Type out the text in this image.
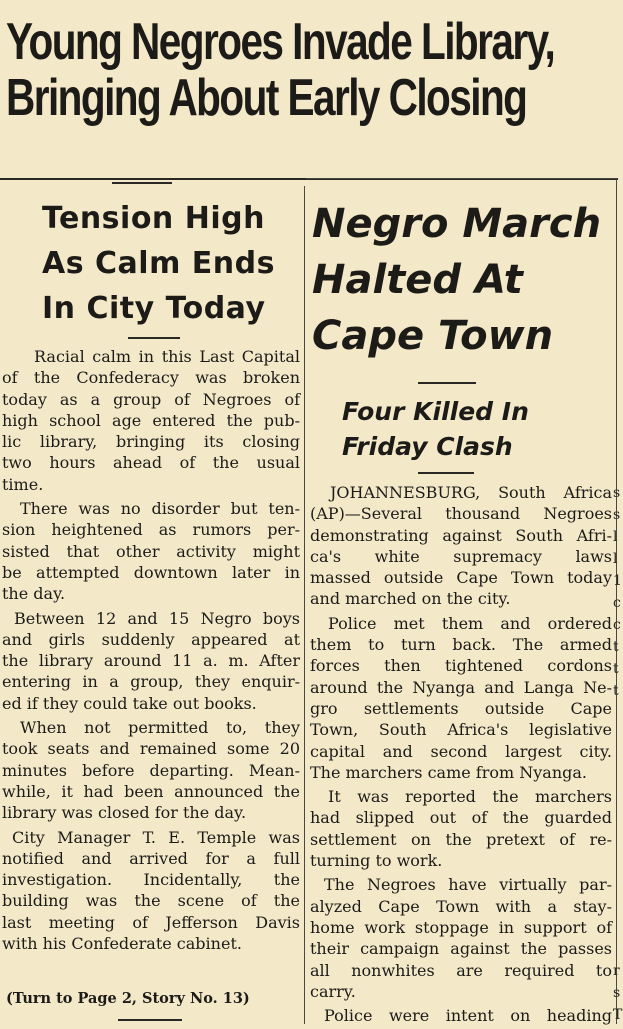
Young Negroes Invade Library,
Bringing About Early Closing
Tension High
As Calm Ends
In City Today
Negro March
Halted At
Cape Town
Four Killed In
Friday Clash
Racial calm in this Last Capital
of the Confederacy was broken
today as a group of Negroes of
high school age entered the pub-
lic library, bringing its closing
two hours ahead of the usual
time.
There was no disorder but ten-
sion heightened as rumors per-
sisted that other activity might
be attempted downtown later in
the day.
Between 12 and 15 Negro boys
and girls suddenly appeared at
the library around 11 a. m. After
entering in a group, they enquir-
ed if they could take out books.
When not permitted to, they
took seats and remained some 20
minutes before departing. Mean-
while, it had been announced the
library was closed for the day.
City Manager T. E. Temple was
notified and arrived for a full
investigation. Incidentally, the
building was the scene of the
last meeting of Jefferson Davis
with his Confederate cabinet.
(Turn to Page 2, Story No. 13)
JOHANNESBURG, South Africa
(AP)—Several thousand Negroes
demonstrating against South Afri-
ca's white supremacy laws
massed outside Cape Town today
and marched on the city.
Police met them and ordered
them to turn back. The armed
forces then tightened cordons
around the Nyanga and Langa Ne-
gro settlements outside Cape
Town, South Africa's legislative
capital and second largest city.
The marchers came from Nyanga.
It was reported the marchers
had slipped out of the guarded
settlement on the pretext of re-
turning to work.
The Negroes have virtually par-
alyzed Cape Town with a stay-
home work stoppage in support of
their campaign against the passes
all nonwhites are required to
carry.
Police were intent on heading
s
s
l
l
1
c
c
t
t
t
r
s
T
